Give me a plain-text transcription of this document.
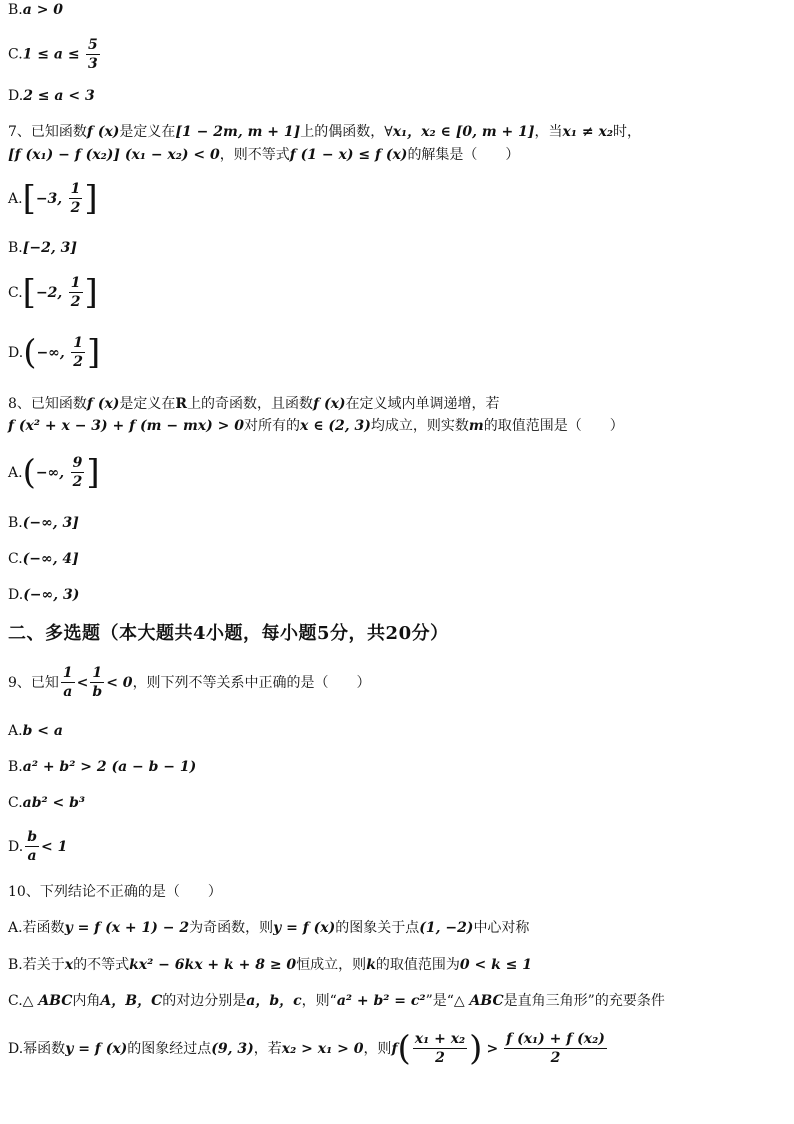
B.a > 0
$C.1 \le a \le \frac{5}{3}$
D.2 ≤ a < 3
7、已知函数f (x)是定义在[1 − 2m, m + 1]上的偶函数，∀x₁，x₂ ∈ [0, m + 1]，当x₁ ≠ x₂时，
[f (x₁) − f (x₂)] (x₁ − x₂) < 0，则不等式f (1 − x) ≤ f (x)的解集是（　　）
A.[−3, $\frac{1}{2}$ ]
B.[−2, 3]
C.[−2, $\frac{1}{2}$ ]
D.(−∞, $\frac{1}{2}$ ]
8、已知函数f (x)是定义在R上的奇函数，且函数f (x)在定义域内单调递增，若
f (x² + x − 3) + f (m − mx) > 0对所有的x ∈ (2, 3)均成立，则实数m的取值范围是（　　）
A.(−∞, $\frac{9}{2}$ ]
B.(−∞, 3]
C.(−∞, 4]
D.(−∞, 3)
二、多选题（本大题共4小题，每小题5分，共20分）
9、已知 $\frac{1}{a} < \frac{1}{b} < 0$，则下列不等关系中正确的是（　　）
A.b < a
B.a² + b² > 2 (a − b − 1)
C.ab² < b³
D. $\frac{b}{a} < 1$
10、下列结论不正确的是（　　）
A.若函数y = f (x + 1) − 2为奇函数，则y = f (x)的图象关于点(1, −2)中心对称
B.若关于x的不等式kx² − 6kx + k + 8 ≥ 0恒成立，则k的取值范围为0 < k ≤ 1
C.△ ABC内角A，B，C的对边分别是a，b，c，则“a² + b² = c²”是“△ ABC是直角三角形”的充要条件
D.幂函数y = f (x)的图象经过点(9, 3)，若x₂ > x₁ > 0，则$f( \frac{\text{x₁ + x₂}}{2}$ ) > $\frac{\text{f (x₁) + f (x₂)}}{2}$
